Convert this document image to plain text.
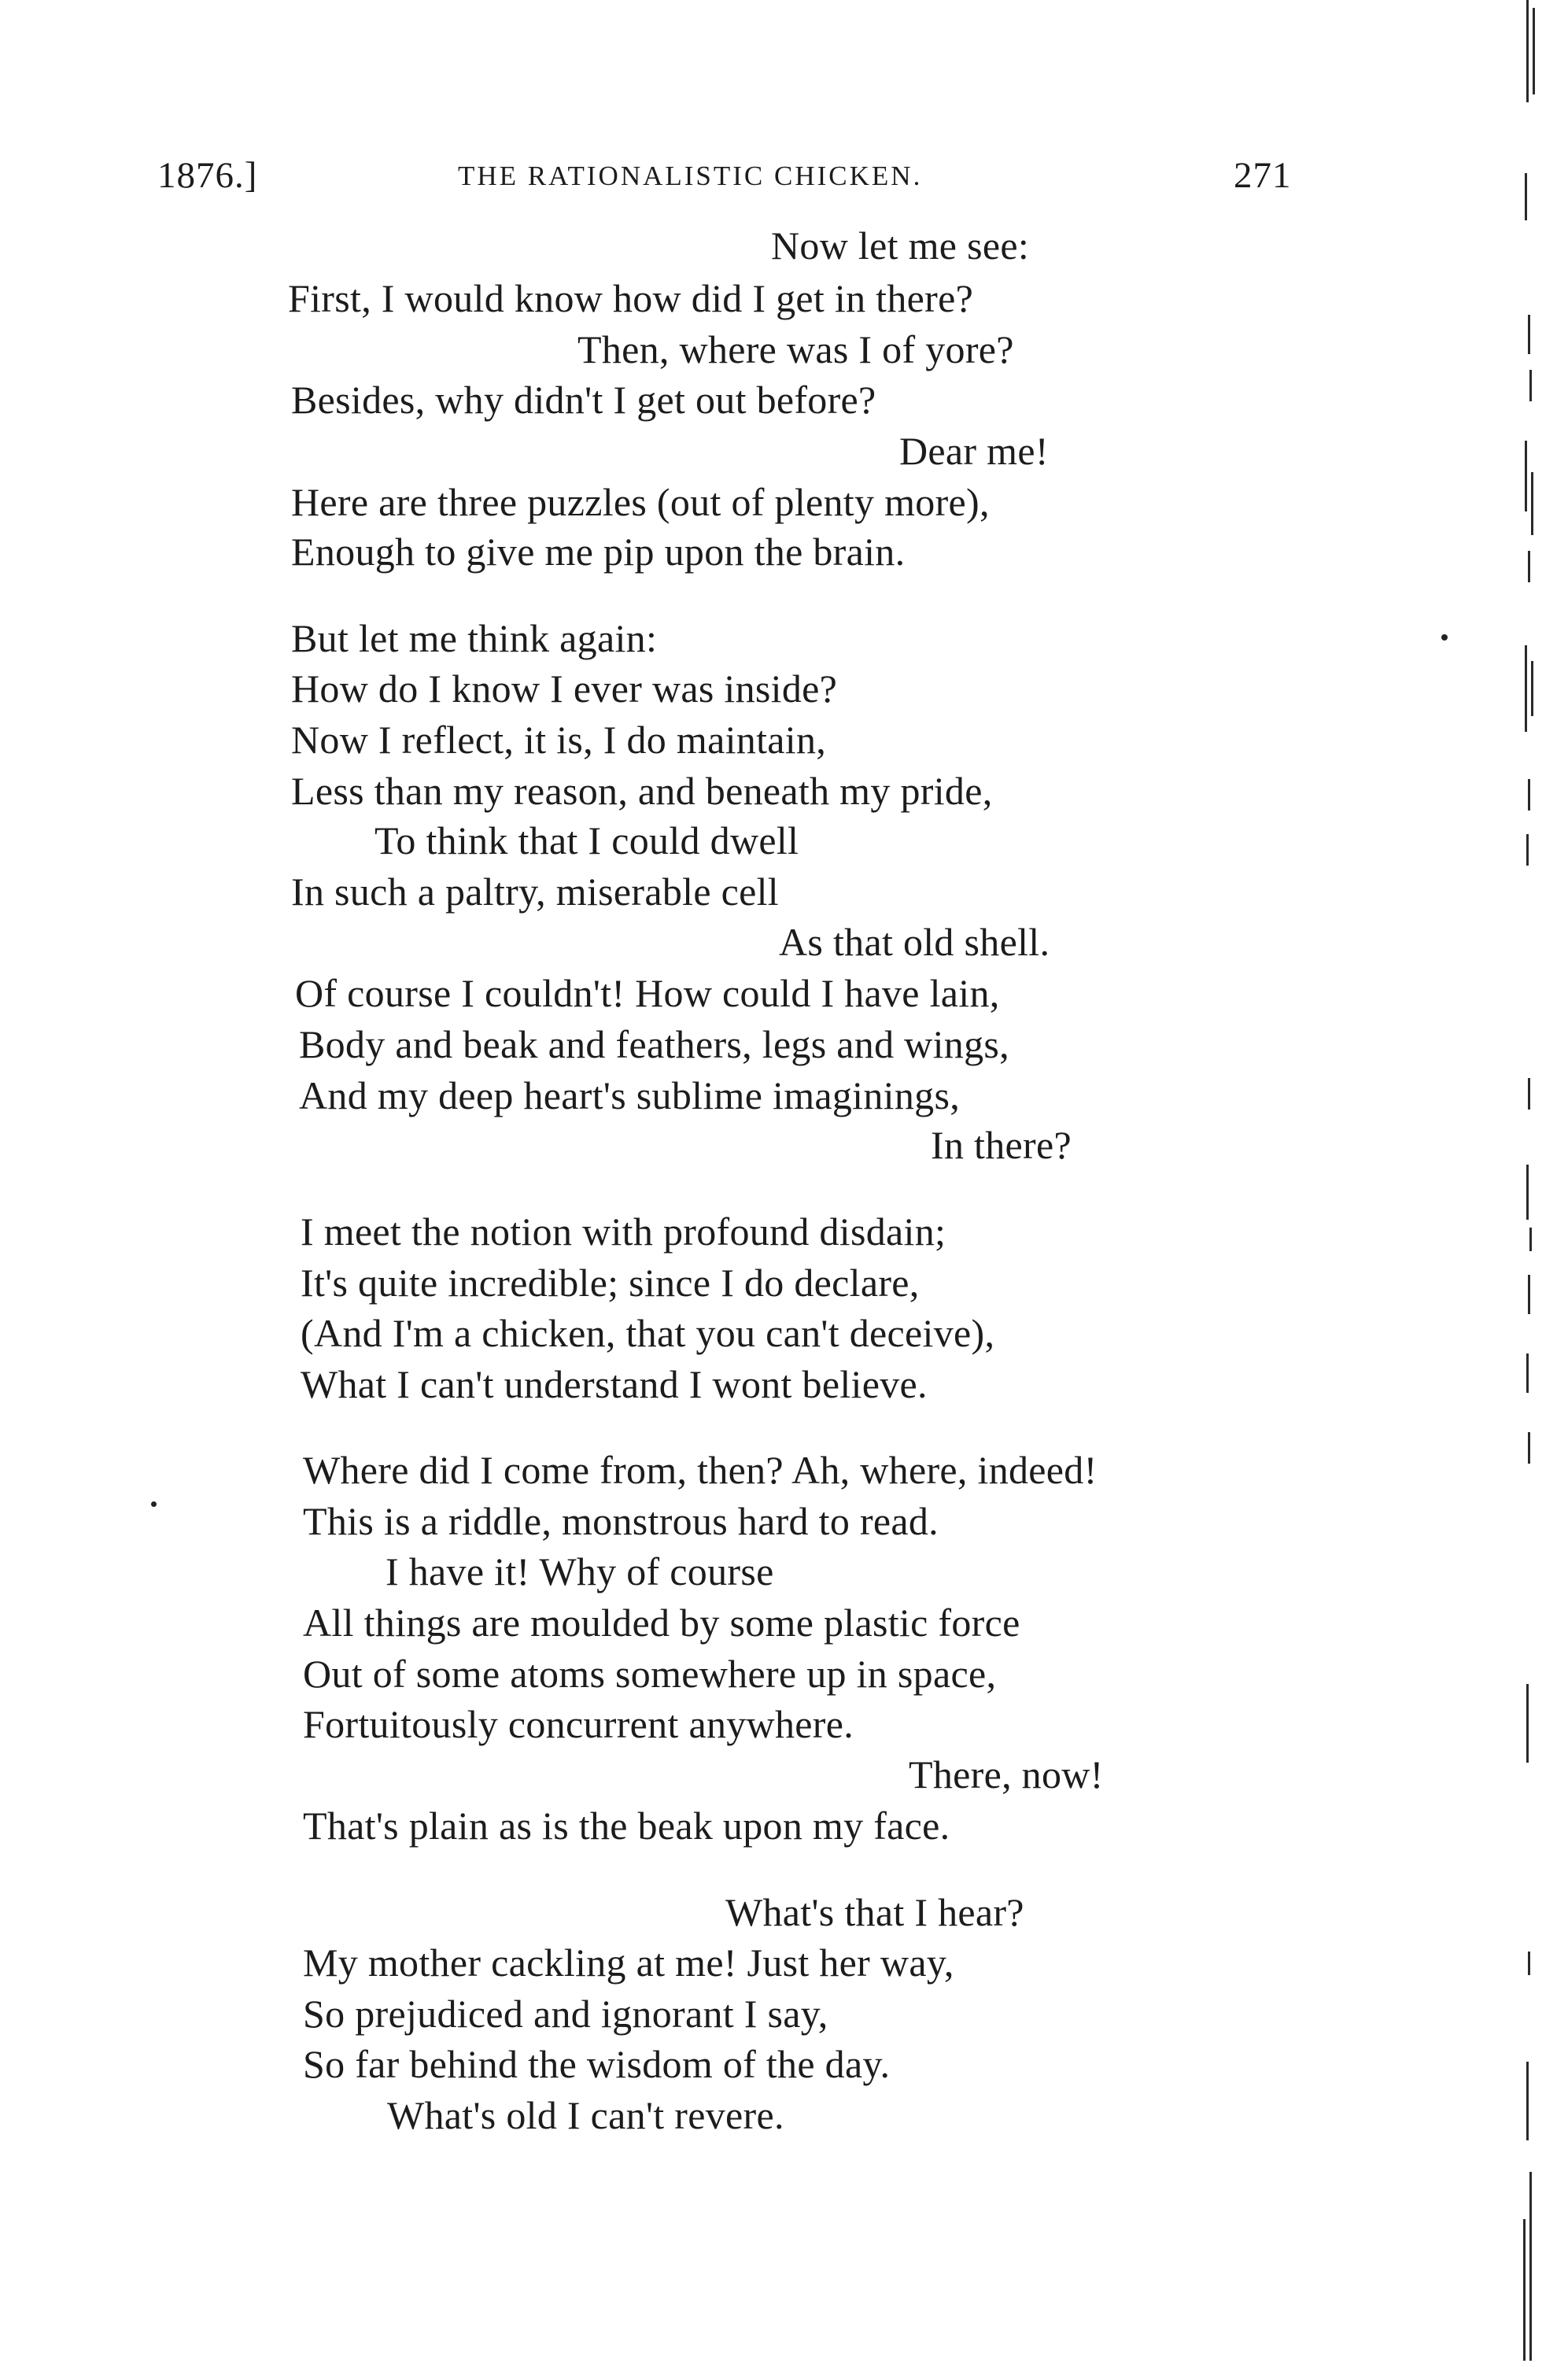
1876.]	THE RATIONALISTIC CHICKEN.	271
Now let me see:
First, I would know how did I get in there?
Then, where was I of yore?
Besides, why didn't I get out before?
Dear me!
Here are three puzzles (out of plenty more),
Enough to give me pip upon the brain.
But let me think again:
How do I know I ever was inside?
Now I reflect, it is, I do maintain,
Less than my reason, and beneath my pride,
To think that I could dwell
In such a paltry, miserable cell
As that old shell.
Of course I couldn't! How could I have lain,
Body and beak and feathers, legs and wings,
And my deep heart's sublime imaginings,
In there?
I meet the notion with profound disdain;
It's quite incredible; since I do declare,
(And I'm a chicken, that you can't deceive),
What I can't understand I wont believe.
Where did I come from, then? Ah, where, indeed!
This is a riddle, monstrous hard to read.
I have it! Why of course
All things are moulded by some plastic force
Out of some atoms somewhere up in space,
Fortuitously concurrent anywhere.
There, now!
That's plain as is the beak upon my face.
What's that I hear?
My mother cackling at me! Just her way,
So prejudiced and ignorant I say,
So far behind the wisdom of the day.
What's old I can't revere.
